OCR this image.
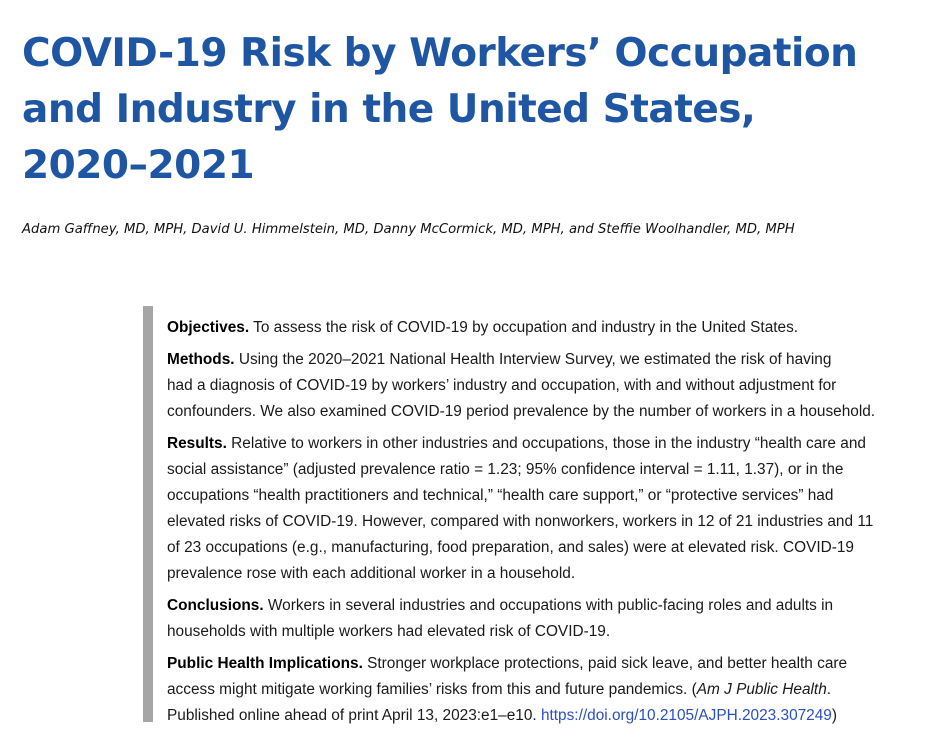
COVID-19 Risk by Workers’ Occupation
and Industry in the United States,
2020–2021

Adam Gaffney, MD, MPH, David U. Himmelstein, MD, Danny McCormick, MD, MPH, and Steffie Woolhandler, MD, MPH

Objectives. To assess the risk of COVID-19 by occupation and industry in the United States.

Methods. Using the 2020–2021 National Health Interview Survey, we estimated the risk of having
had a diagnosis of COVID-19 by workers’ industry and occupation, with and without adjustment for
confounders. We also examined COVID-19 period prevalence by the number of workers in a household.

Results. Relative to workers in other industries and occupations, those in the industry “health care and
social assistance” (adjusted prevalence ratio = 1.23; 95% confidence interval = 1.11, 1.37), or in the
occupations “health practitioners and technical,” “health care support,” or “protective services” had
elevated risks of COVID-19. However, compared with nonworkers, workers in 12 of 21 industries and 11
of 23 occupations (e.g., manufacturing, food preparation, and sales) were at elevated risk. COVID-19
prevalence rose with each additional worker in a household.

Conclusions. Workers in several industries and occupations with public-facing roles and adults in
households with multiple workers had elevated risk of COVID-19.

Public Health Implications. Stronger workplace protections, paid sick leave, and better health care
access might mitigate working families’ risks from this and future pandemics. (Am J Public Health.
Published online ahead of print April 13, 2023:e1–e10. https://doi.org/10.2105/AJPH.2023.307249)
